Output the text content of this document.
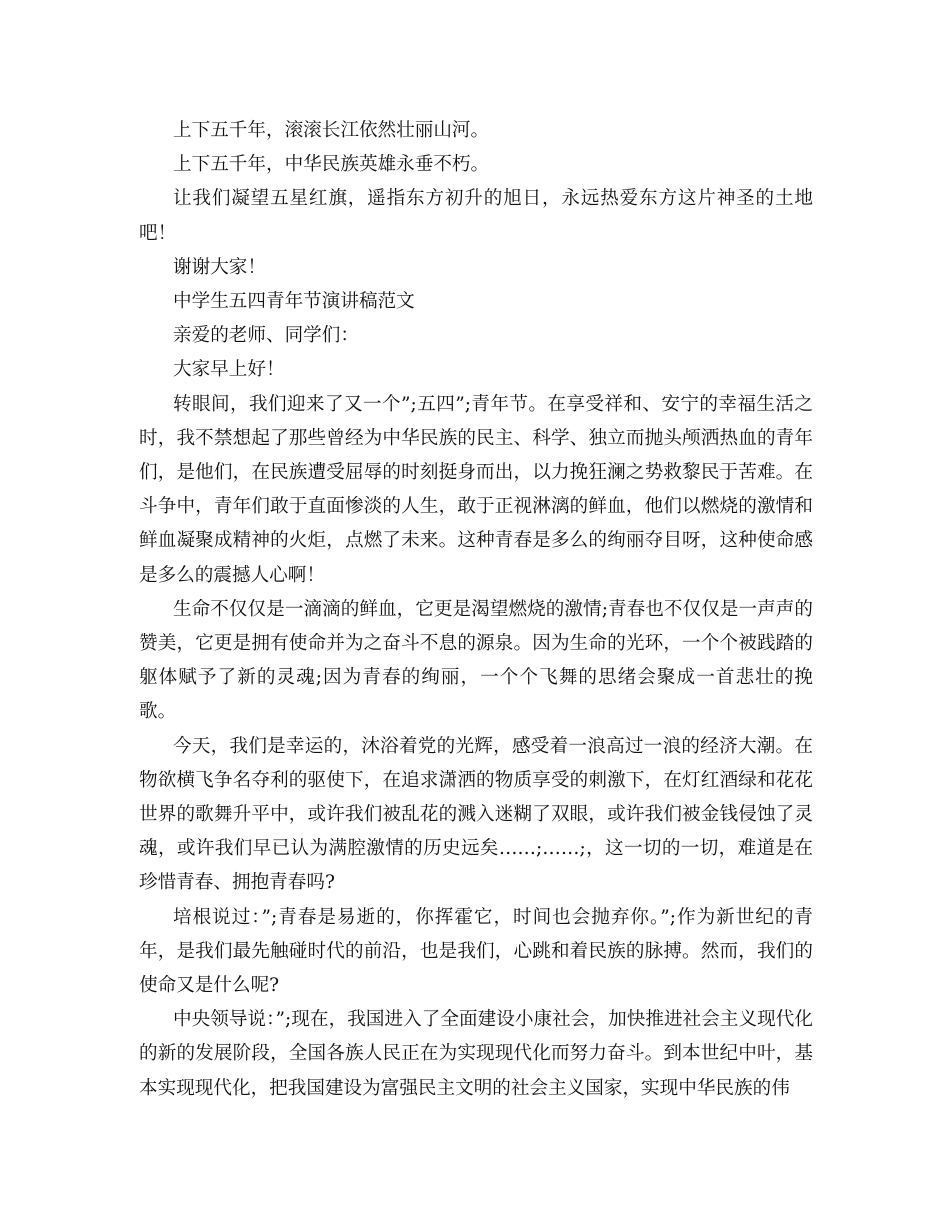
上下五千年，滚滚长江依然壮丽山河。

上下五千年，中华民族英雄永垂不朽。

让我们凝望五星红旗，遥指东方初升的旭日，永远热爱东方这片神圣的土地吧！

谢谢大家！

中学生五四青年节演讲稿范文

亲爱的老师、同学们：

大家早上好！

转眼间，我们迎来了又一个”;五四”;青年节。在享受祥和、安宁的幸福生活之时，我不禁想起了那些曾经为中华民族的民主、科学、独立而抛头颅洒热血的青年们，是他们，在民族遭受屈辱的时刻挺身而出，以力挽狂澜之势救黎民于苦难。在斗争中，青年们敢于直面惨淡的人生，敢于正视淋漓的鲜血，他们以燃烧的激情和鲜血凝聚成精神的火炬，点燃了未来。这种青春是多么的绚丽夺目呀，这种使命感是多么的震撼人心啊！

生命不仅仅是一滴滴的鲜血，它更是渴望燃烧的激情;青春也不仅仅是一声声的赞美，它更是拥有使命并为之奋斗不息的源泉。因为生命的光环，一个个被践踏的躯体赋予了新的灵魂;因为青春的绚丽，一个个飞舞的思绪会聚成一首悲壮的挽歌。

今天，我们是幸运的，沐浴着党的光辉，感受着一浪高过一浪的经济大潮。在物欲横飞争名夺利的驱使下，在追求潇洒的物质享受的刺激下，在灯红酒绿和花花世界的歌舞升平中，或许我们被乱花的溅入迷糊了双眼，或许我们被金钱侵蚀了灵魂，或许我们早已认为满腔激情的历史远矣……;……;，这一切的一切，难道是在珍惜青春、拥抱青春吗?

培根说过：”;青春是易逝的，你挥霍它，时间也会抛弃你。”;作为新世纪的青年，是我们最先触碰时代的前沿，也是我们，心跳和着民族的脉搏。然而，我们的使命又是什么呢?

中央领导说：”;现在，我国进入了全面建设小康社会，加快推进社会主义现代化的新的发展阶段，全国各族人民正在为实现现代化而努力奋斗。到本世纪中叶，基本实现现代化，把我国建设为富强民主文明的社会主义国家，实现中华民族的伟
